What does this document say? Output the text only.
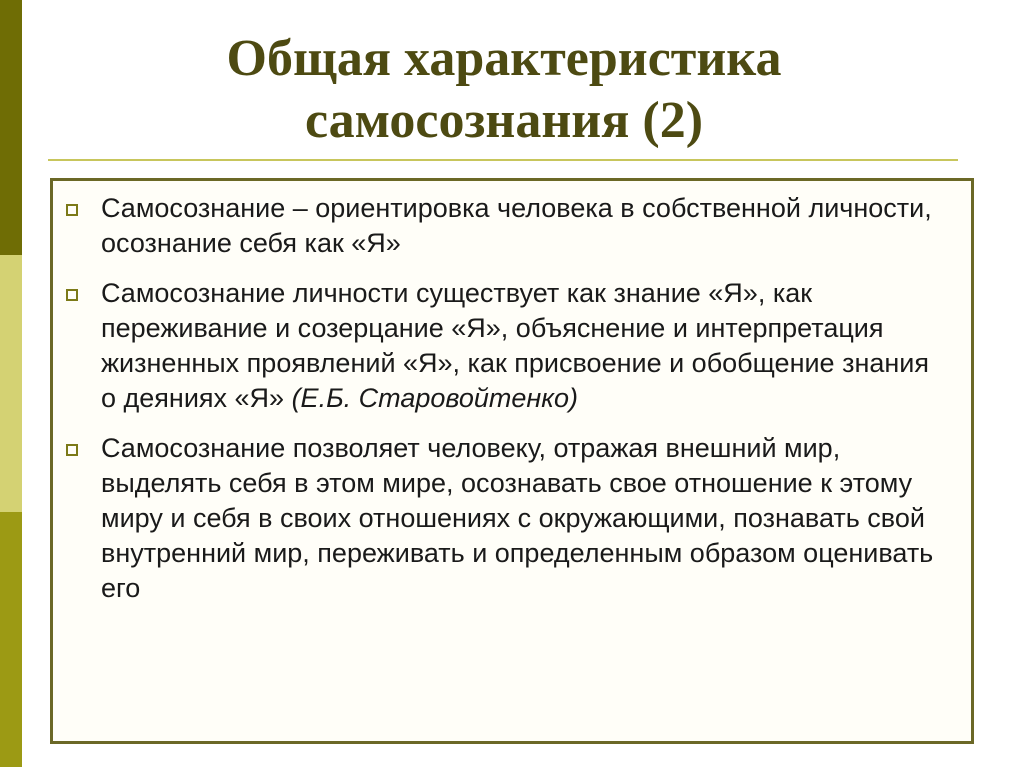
Общая характеристика
самосознания (2)
Самосознание – ориентировка человека в собственной личности, осознание себя как «Я»
Самосознание личности существует как знание «Я», как переживание и созерцание «Я», объяснение и интерпретация жизненных проявлений «Я», как присвоение и обобщение знания о деяниях «Я» (Е.Б. Старовойтенко)
Самосознание позволяет человеку, отражая внешний мир, выделять себя в этом мире, осознавать свое отношение к этому миру и себя в своих отношениях с окружающими, познавать свой внутренний мир, переживать и определенным образом оценивать его
